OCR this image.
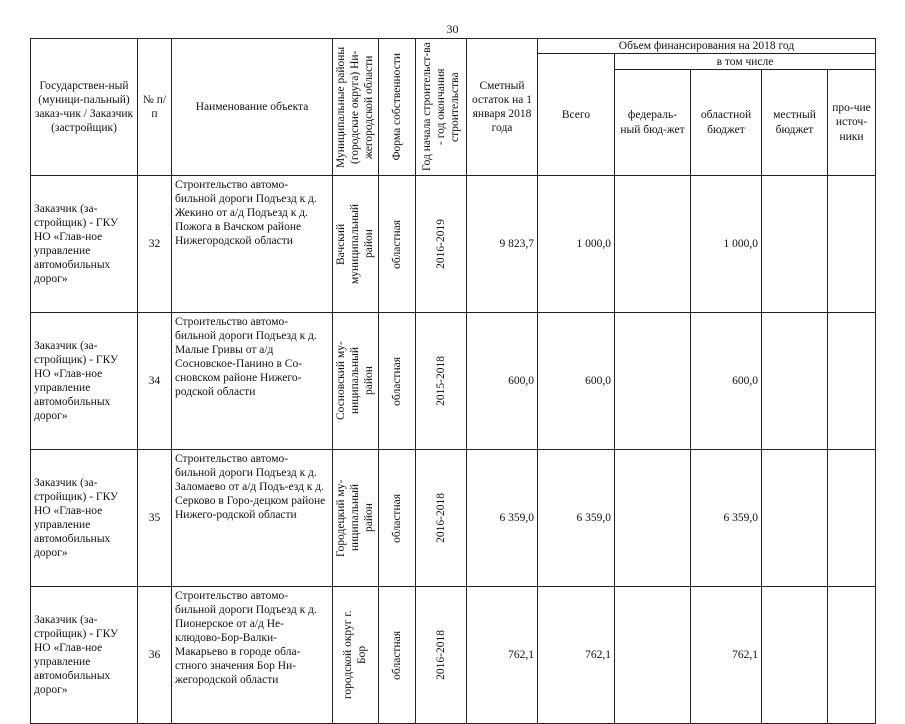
30
Государствен-ный (муници-пальный) заказ-чик / Заказчик (застройщик)	№ п/п	Наименование объекта	Муниципальные районы (городские округа) Ни-жегородской области	Форма собственности	Год начала строительст-ва - год окончания строительства	Сметный остаток на 1 января 2018 года	Объем финансирования на 2018 год				
							Всего	в том числе			
								федераль-ный бюд-жет	областной бюджет	местный бюджет	про-чие источ-ники
Заказчик (за-стройщик) - ГКУ НО «Глав-ное управление автомобильных дорог»	32	Строительство автомо-бильной дороги Подъезд к д. Жекино от а/д Подъезд к д. Пожога в Вачском районе Нижегородской области	Вачский муниципальный район	областная	2016-2019	9 823,7	1 000,0		1 000,0		
Заказчик (за-стройщик) - ГКУ НО «Глав-ное управление автомобильных дорог»	34	Строительство автомо-бильной дороги Подъезд к д. Малые Гривы от а/д Сосновское-Панино в Со-сновском районе Нижего-родской области	Сосновский му-ниципальный район	областная	2015-2018	600,0	600,0		600,0		
Заказчик (за-стройщик) - ГКУ НО «Глав-ное управление автомобильных дорог»	35	Строительство автомо-бильной дороги Подъезд к д. Заломаево от а/д Подъ-езд к д. Серково в Горо-децком районе Нижего-родской области	Городецкий му-ниципальный район	областная	2016-2018	6 359,0	6 359,0		6 359,0		
Заказчик (за-стройщик) - ГКУ НО «Глав-ное управление автомобильных дорог»	36	Строительство автомо-бильной дороги Подъезд к д. Пионерское от а/д Не-клюдово-Бор-Валки-Макарьево в городе обла-стного значения Бор Ни-жегородской области	городской округ г. Бор	областная	2016-2018	762,1	762,1		762,1		
